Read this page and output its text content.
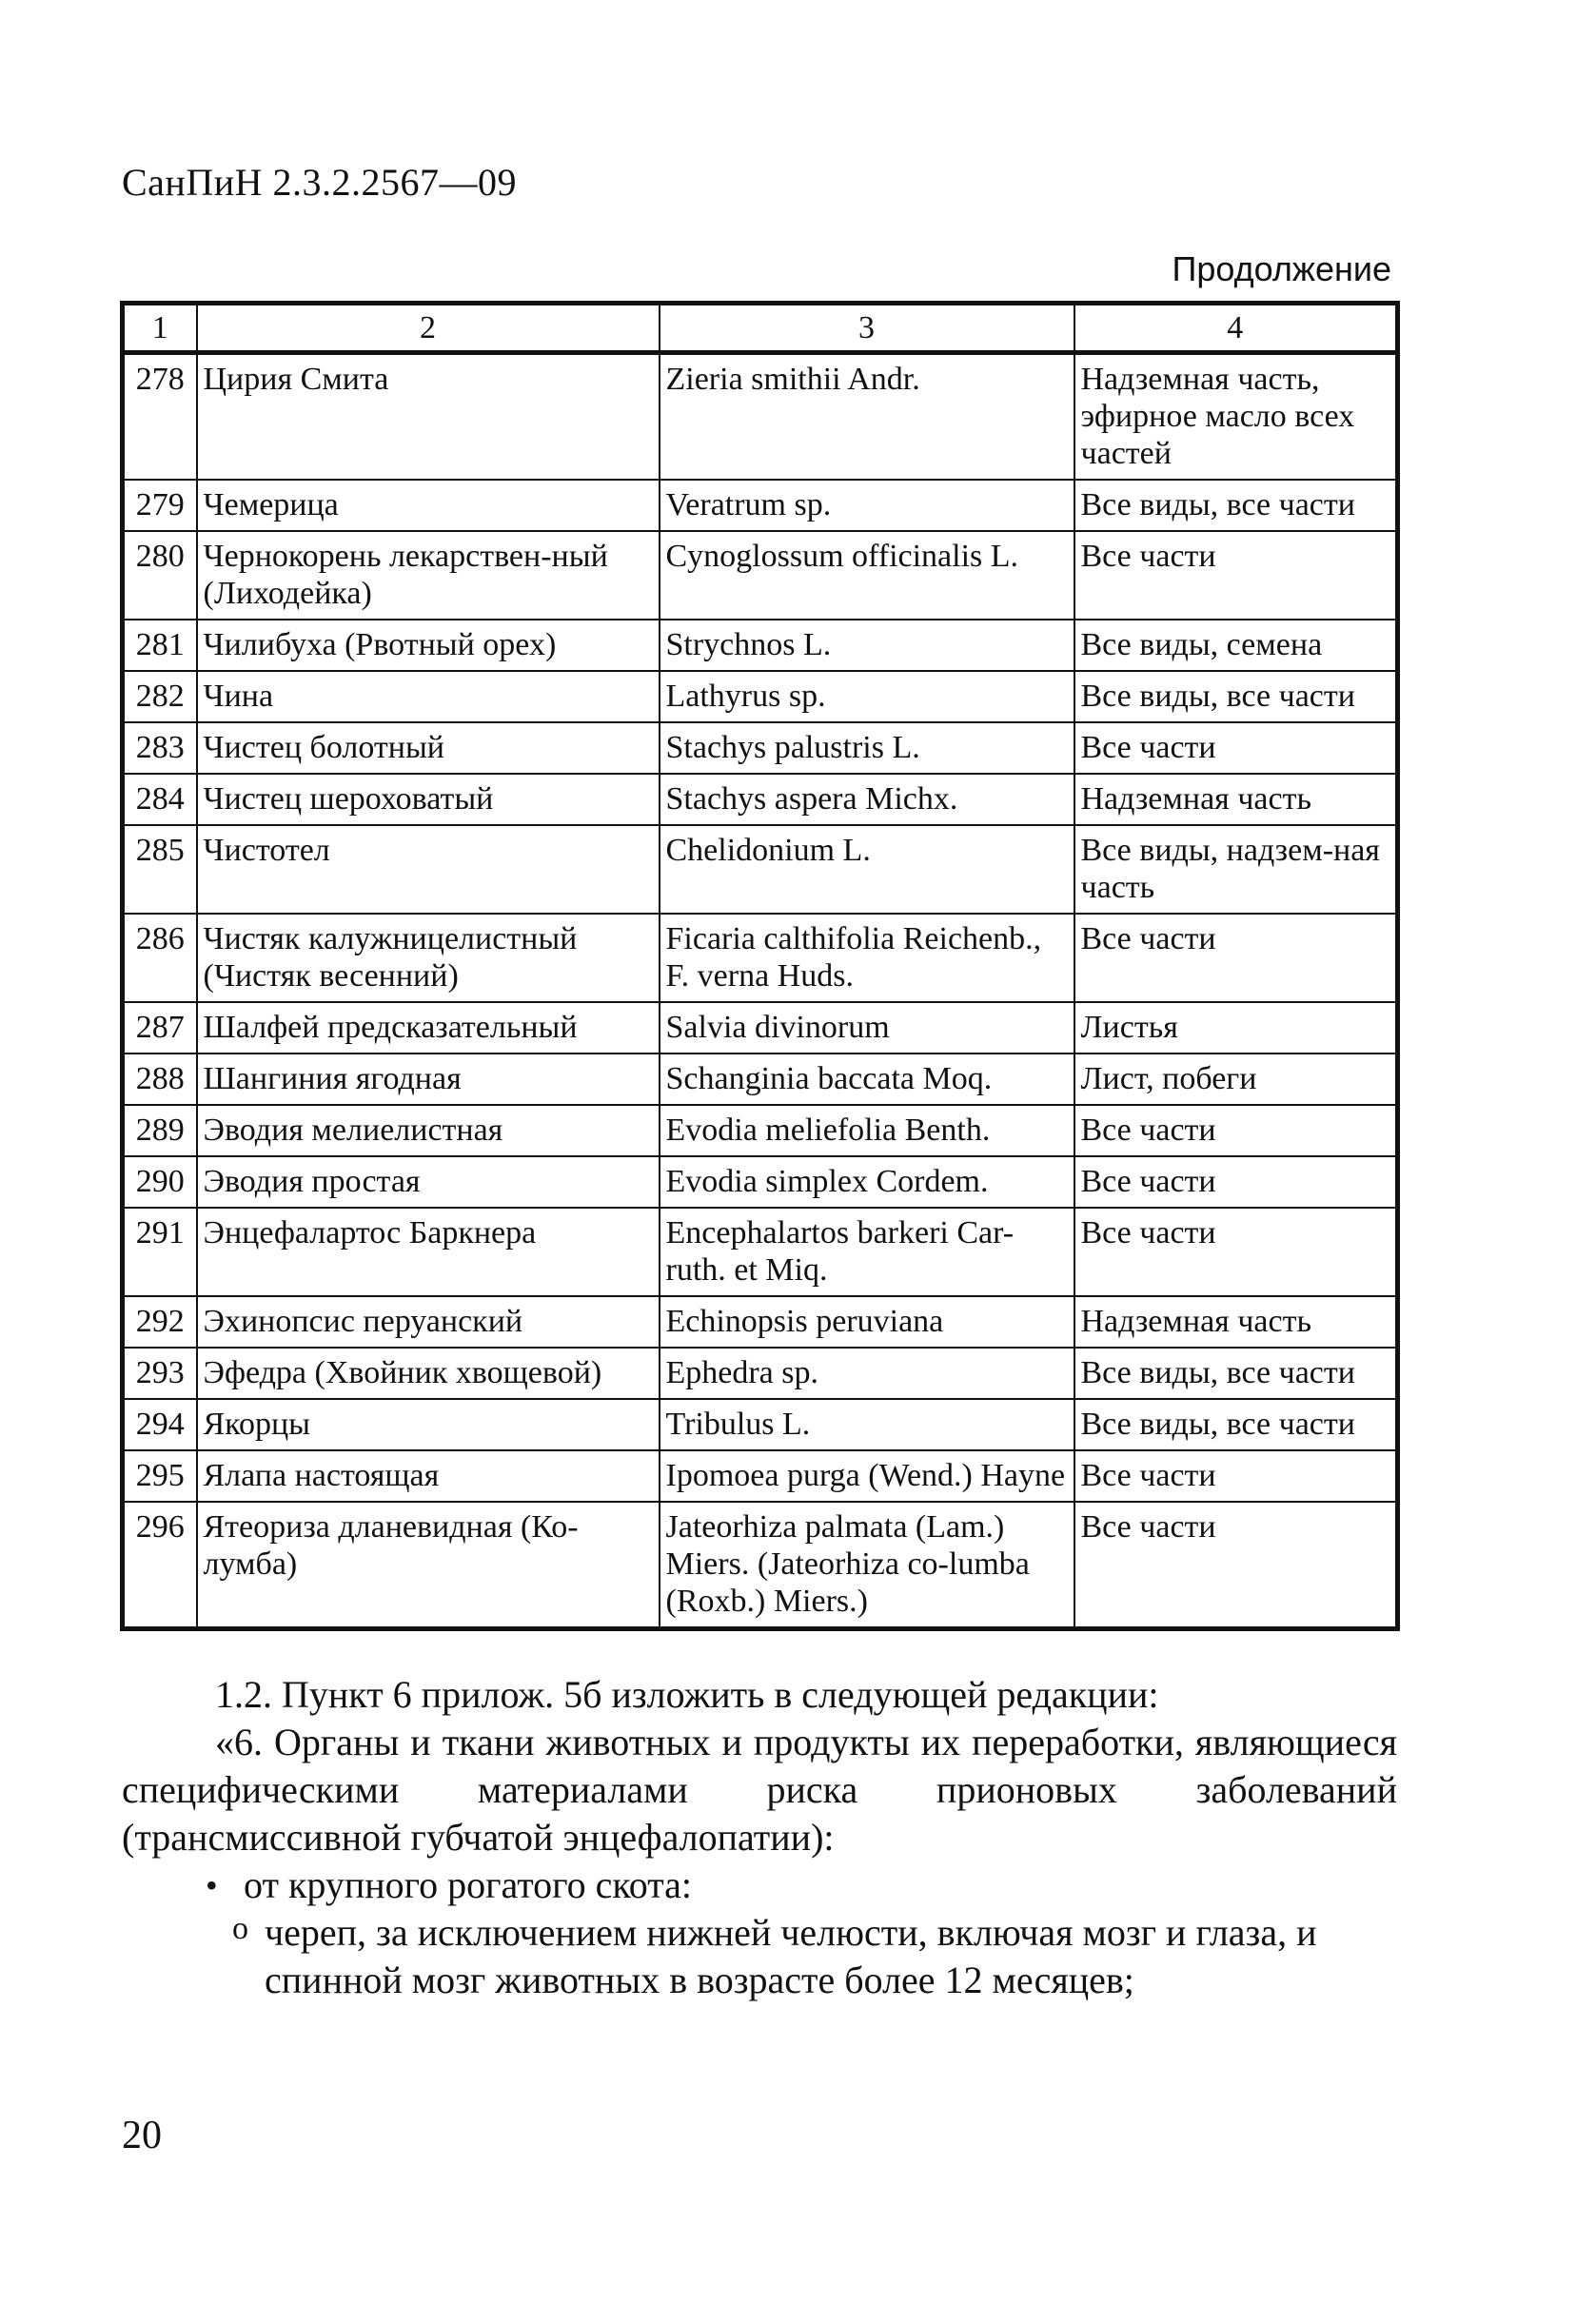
СанПиН 2.3.2.2567—09
Продолжение
1	2	3	4
278	Цирия Смита	Zieria smithii Andr.	Надземная часть, эфирное масло всех частей
279	Чемерица	Veratrum sp.	Все виды, все части
280	Чернокорень лекарствен-ный (Лиходейка)	Cynoglossum officinalis L.	Все части
281	Чилибуха (Рвотный орех)	Strychnos L.	Все виды, семена
282	Чина	Lathyrus sp.	Все виды, все части
283	Чистец болотный	Stachys palustris L.	Все части
284	Чистец шероховатый	Stachys aspera Michx.	Надземная часть
285	Чистотел	Chelidonium L.	Все виды, надзем-ная часть
286	Чистяк калужницелистный (Чистяк весенний)	Ficaria calthifolia Reichenb., F. verna Huds.	Все части
287	Шалфей предсказательный	Salvia divinorum	Листья
288	Шангиния ягодная	Schanginia baccata Moq.	Лист, побеги
289	Эводия мелиелистная	Evodia meliefolia Benth.	Все части
290	Эводия простая	Evodia simplex Cordem.	Все части
291	Энцефалартос Баркнера	Encephalartos barkeri Car-ruth. et Miq.	Все части
292	Эхинопсис перуанский	Echinopsis peruviana	Надземная часть
293	Эфедра (Хвойник хвощевой)	Ephedra sp.	Все виды, все части
294	Якорцы	Tribulus L.	Все виды, все части
295	Ялапа настоящая	Ipomoea purga (Wend.) Hayne	Все части
296	Ятеориза дланевидная (Ко-лумба)	Jateorhiza palmata (Lam.) Miers. (Jateorhiza co-lumba (Roxb.) Miers.)	Все части

1.2. Пункт 6 прилож. 5б изложить в следующей редакции:

«6. Органы и ткани животных и продукты их переработки, являющиеся специфическими материалами риска прионовых заболеваний (трансмиссивной губчатой энцефалопатии):

• от крупного рогатого скота:

o череп, за исключением нижней челюсти, включая мозг и глаза, и спинной мозг животных в возрасте более 12 месяцев;

20
